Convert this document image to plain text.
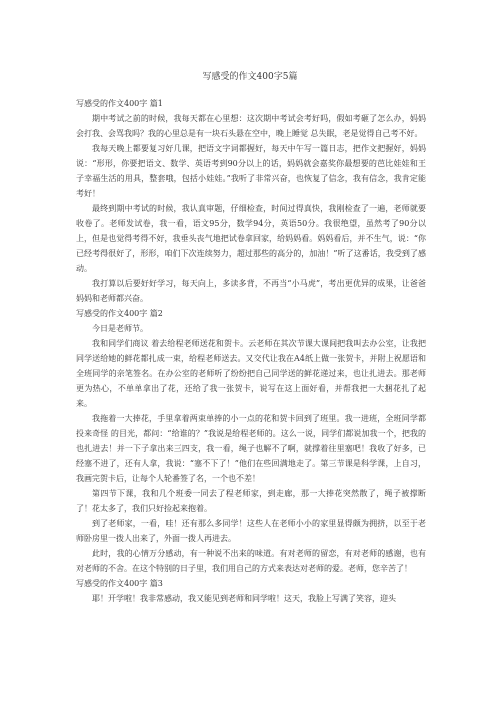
写感受的作文400字5篇
写感受的作文400字 篇1

期中考试之前的时候，我每天都在心里想：这次期中考试会考好吗，假如考砸了怎么办，妈妈会打我、会骂我吗？我的心里总是有一块石头悬在空中，晚上睡觉 总失眠，老是觉得自己考不好。

我每天晚上都要复习好几课，把语文字词都握好，每天中午写一篇日志，把作文把握好，妈妈说：“形形，你要把语文、数学、英语考到90分以上的话，妈妈就会嘉奖你最想要的芭比娃娃和王子幸福生活的用具，整套哦，包括小娃娃。”我听了非常兴奋，也恢复了信念，我有信念，我肯定能考好！

最终到期中考试的时候，我认真审题，仔细检查，时间过得真快，我刚检查了一遍，老师就要收卷了。老师发试卷，我一看，语文95分，数学94分，英语50分。我很绝望，虽然考了90分以上，但是也觉得考得不好，我垂头丧气地把试卷拿回家，给妈妈看。妈妈看后，并不生气，说：“你已经考得很好了，形形，咱们下次连续努力，超过那些的高分的，加油！”听了这番话，我受到了感动。

我打算以后要好好学习，每天向上，多读多背，不再当“小马虎”，考出更优异的成果，让爸爸妈妈和老师都兴奋。

写感受的作文400字 篇2

今日是老师节。

我和同学们商议 着去给程老师送花和贺卡。云老师在其次节课大课间把我叫去办公室，让我把同学送给她的鲜花都扎成一束，给程老师送去。又交代让我在A4纸上做一张贺卡，并附上祝愿语和全班同学的亲笔签名。在办公室的老师听了纷纷把自己同学送的鲜花递过来，也让扎进去。那老师更为热心，不单单拿出了花，还给了我一张贺卡，说写在这上面好看，并帮我把一大捆花扎了起来。

我拖着一大捧花，手里拿着两束单捧的小一点的花和贺卡回到了班里。我一进班，全班同学都投来奇怪 的目光，都问：“给谁的？”我说是给程老师的。这么一说，同学们都说加我一个，把我的也扎进去！并一下子拿出来三四支，我一看，绳子也解不了啊，就撑着往里塞吧！我收了好多，已经塞不进了，还有人拿，我说：“塞不下了！”他们在些回满地走了。第三节课是科学课，上自习，我画完贺卡后，让每个人轮番签了名，一个也不差！

第四节下课，我和几个班委一同去了程老师家，到走廊，那一大捧花突然散了，绳子被撑断了！花太多了，我们只好捡起来抱着。

到了老师家，一看，哇！还有那么多同学！这些人在老师小小的家里显得颇为拥挤，以至于老师卧房里一拨人出来了，外面一拨人再进去。

此时，我的心情万分感动，有一种说不出来的味道。有对老师的留恋，有对老师的感谢，也有对老师的不舍。在这个特别的日子里，我们用自己的方式来表达对老师的爱。老师，您辛苦了！

写感受的作文400字 篇3

耶！开学啦！我非常感动，我又能见到老师和同学啦！这天，我脸上写满了笑容，迎头
